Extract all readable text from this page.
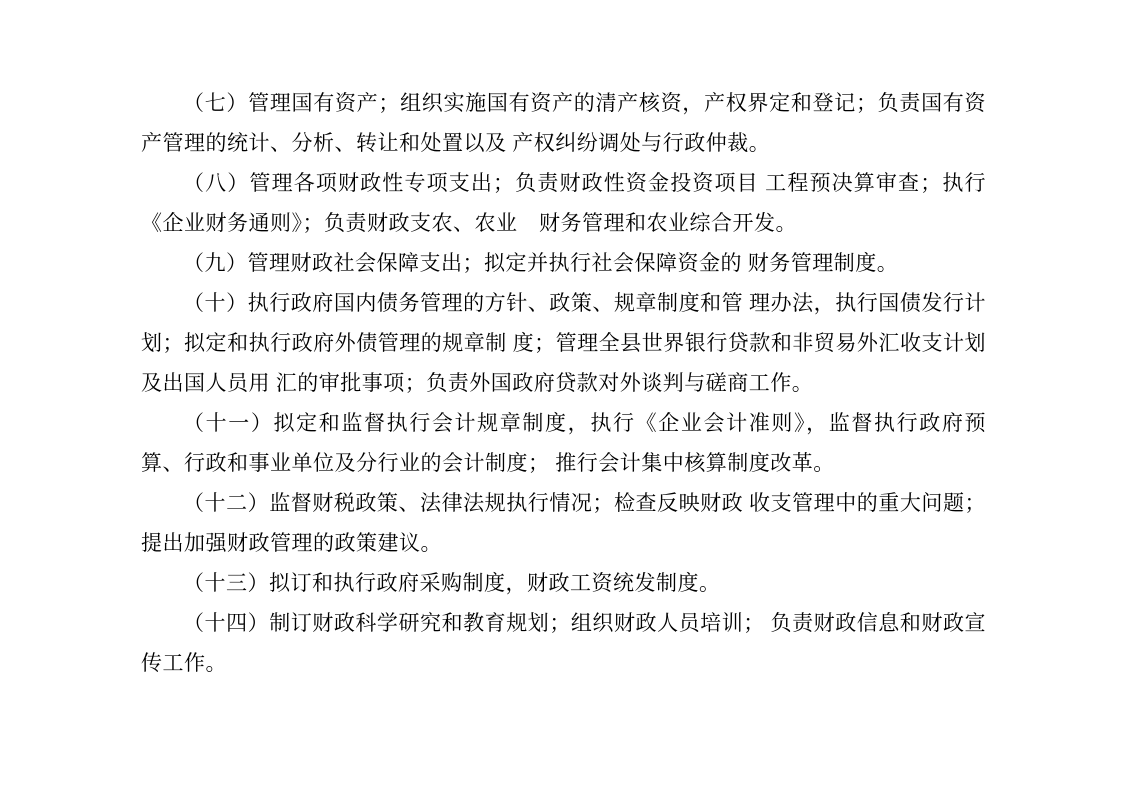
（七）管理国有资产；组织实施国有资产的清产核资，产权界定和登记；负责国有资产管理的统计、分析、转让和处置以及 产权纠纷调处与行政仲裁。

（八）管理各项财政性专项支出；负责财政性资金投资项目 工程预决算审查；执行《企业财务通则》；负责财政支农、农业　财务管理和农业综合开发。

（九）管理财政社会保障支出；拟定并执行社会保障资金的 财务管理制度。

（十）执行政府国内债务管理的方针、政策、规章制度和管 理办法，执行国债发行计划；拟定和执行政府外债管理的规章制 度；管理全县世界银行贷款和非贸易外汇收支计划及出国人员用 汇的审批事项；负责外国政府贷款对外谈判与磋商工作。

（十一）拟定和监督执行会计规章制度，执行《企业会计准则》，监督执行政府预算、行政和事业单位及分行业的会计制度； 推行会计集中核算制度改革。

（十二）监督财税政策、法律法规执行情况；检查反映财政 收支管理中的重大问题；提出加强财政管理的政策建议。

（十三）拟订和执行政府采购制度，财政工资统发制度。

（十四）制订财政科学研究和教育规划；组织财政人员培训； 负责财政信息和财政宣传工作。
